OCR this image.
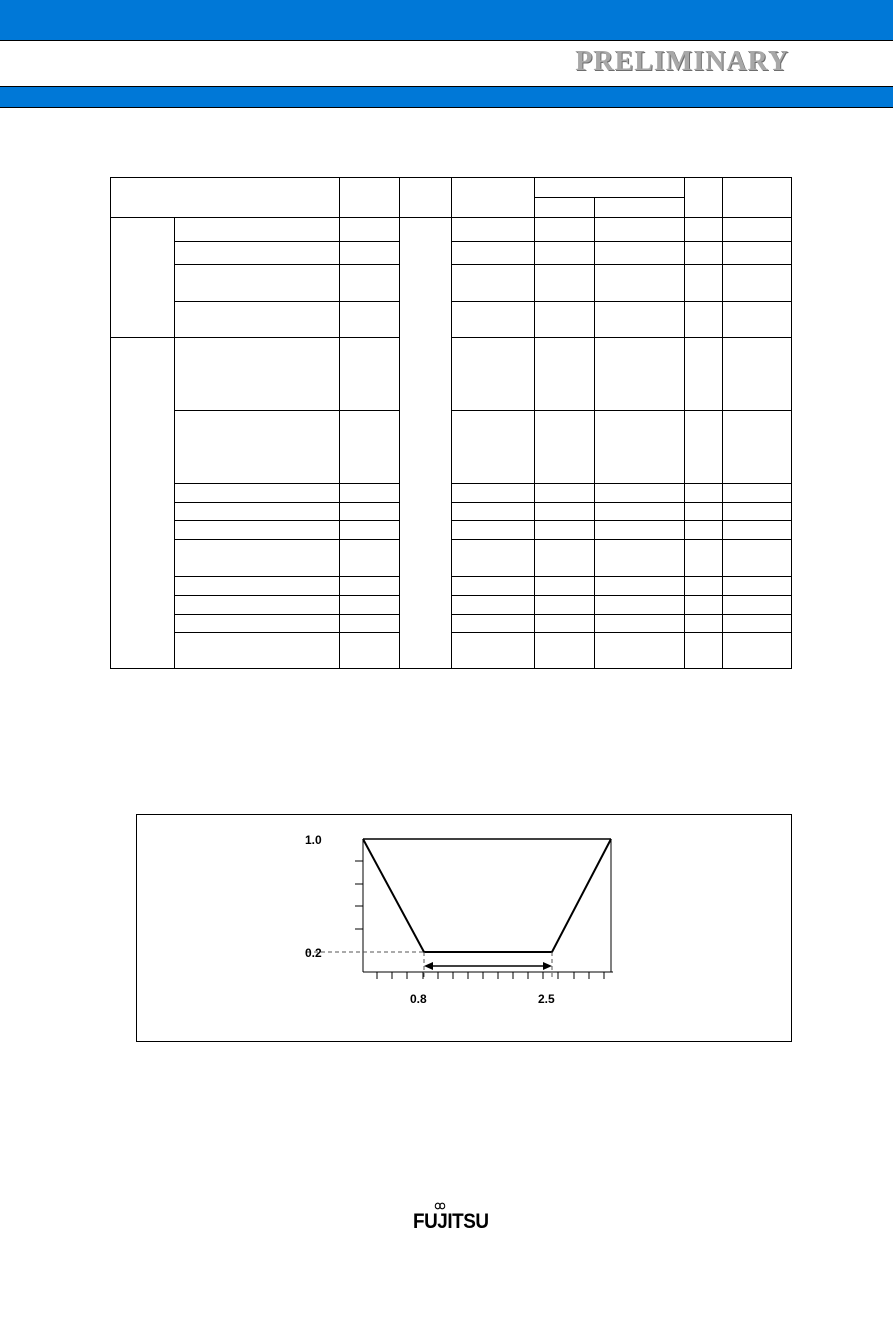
PRELIMINARY
1.0
0.2
0.8	2.5
FUJITSU
